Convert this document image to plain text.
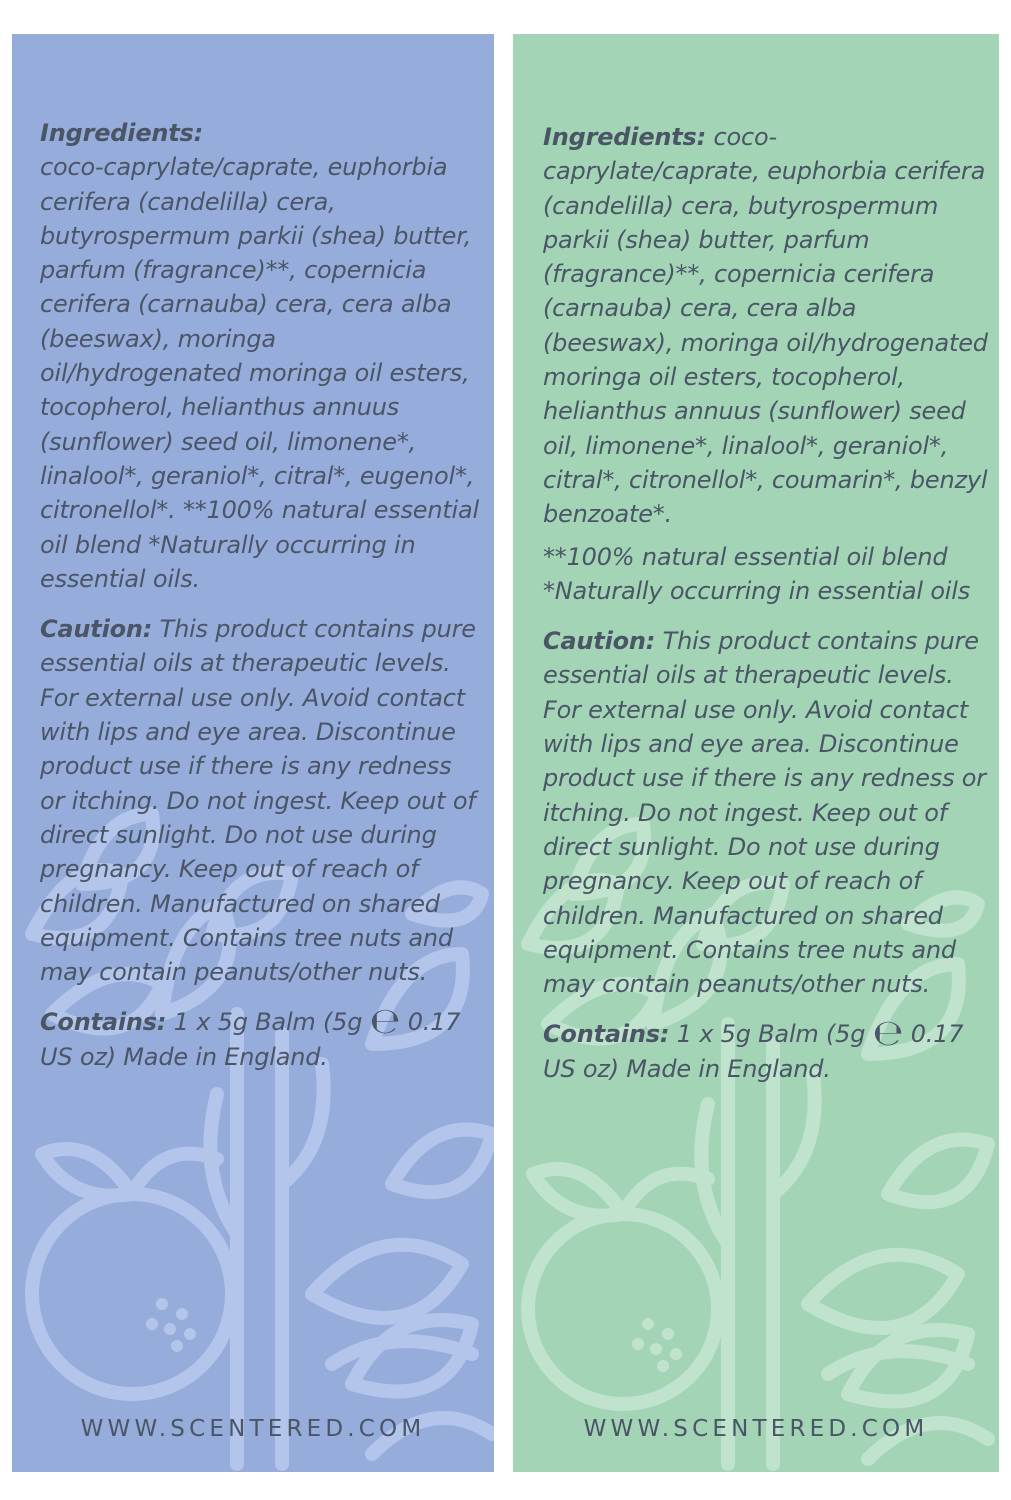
Ingredients:
coco-caprylate/caprate, euphorbia cerifera (candelilla) cera, butyrospermum parkii (shea) butter, parfum (fragrance)**, copernicia cerifera (carnauba) cera, cera alba (beeswax), moringa oil/hydrogenated moringa oil esters, tocopherol, helianthus annuus (sunflower) seed oil, limonene*, linalool*, geraniol*, citral*, eugenol*, citronellol*. **100% natural essential oil blend *Naturally occurring in essential oils.
Caution: This product contains pure essential oils at therapeutic levels. For external use only. Avoid contact with lips and eye area. Discontinue product use if there is any redness or itching. Do not ingest. Keep out of direct sunlight. Do not use during pregnancy. Keep out of reach of children. Manufactured on shared equipment. Contains tree nuts and may contain peanuts/other nuts.
Contains: 1 x 5g Balm (5g ℮ 0.17 US oz) Made in England.
WWW.SCENTERED.COM
Ingredients: coco-caprylate/caprate, euphorbia cerifera (candelilla) cera, butyrospermum parkii (shea) butter, parfum (fragrance)**, copernicia cerifera (carnauba) cera, cera alba (beeswax), moringa oil/hydrogenated moringa oil esters, tocopherol, helianthus annuus (sunflower) seed oil, limonene*, linalool*, geraniol*, citral*, citronellol*, coumarin*, benzyl benzoate*.
**100% natural essential oil blend *Naturally occurring in essential oils
Caution: This product contains pure essential oils at therapeutic levels. For external use only. Avoid contact with lips and eye area. Discontinue product use if there is any redness or itching. Do not ingest. Keep out of direct sunlight. Do not use during pregnancy. Keep out of reach of children. Manufactured on shared equipment. Contains tree nuts and may contain peanuts/other nuts.
Contains: 1 x 5g Balm (5g ℮ 0.17 US oz) Made in England.
WWW.SCENTERED.COM
